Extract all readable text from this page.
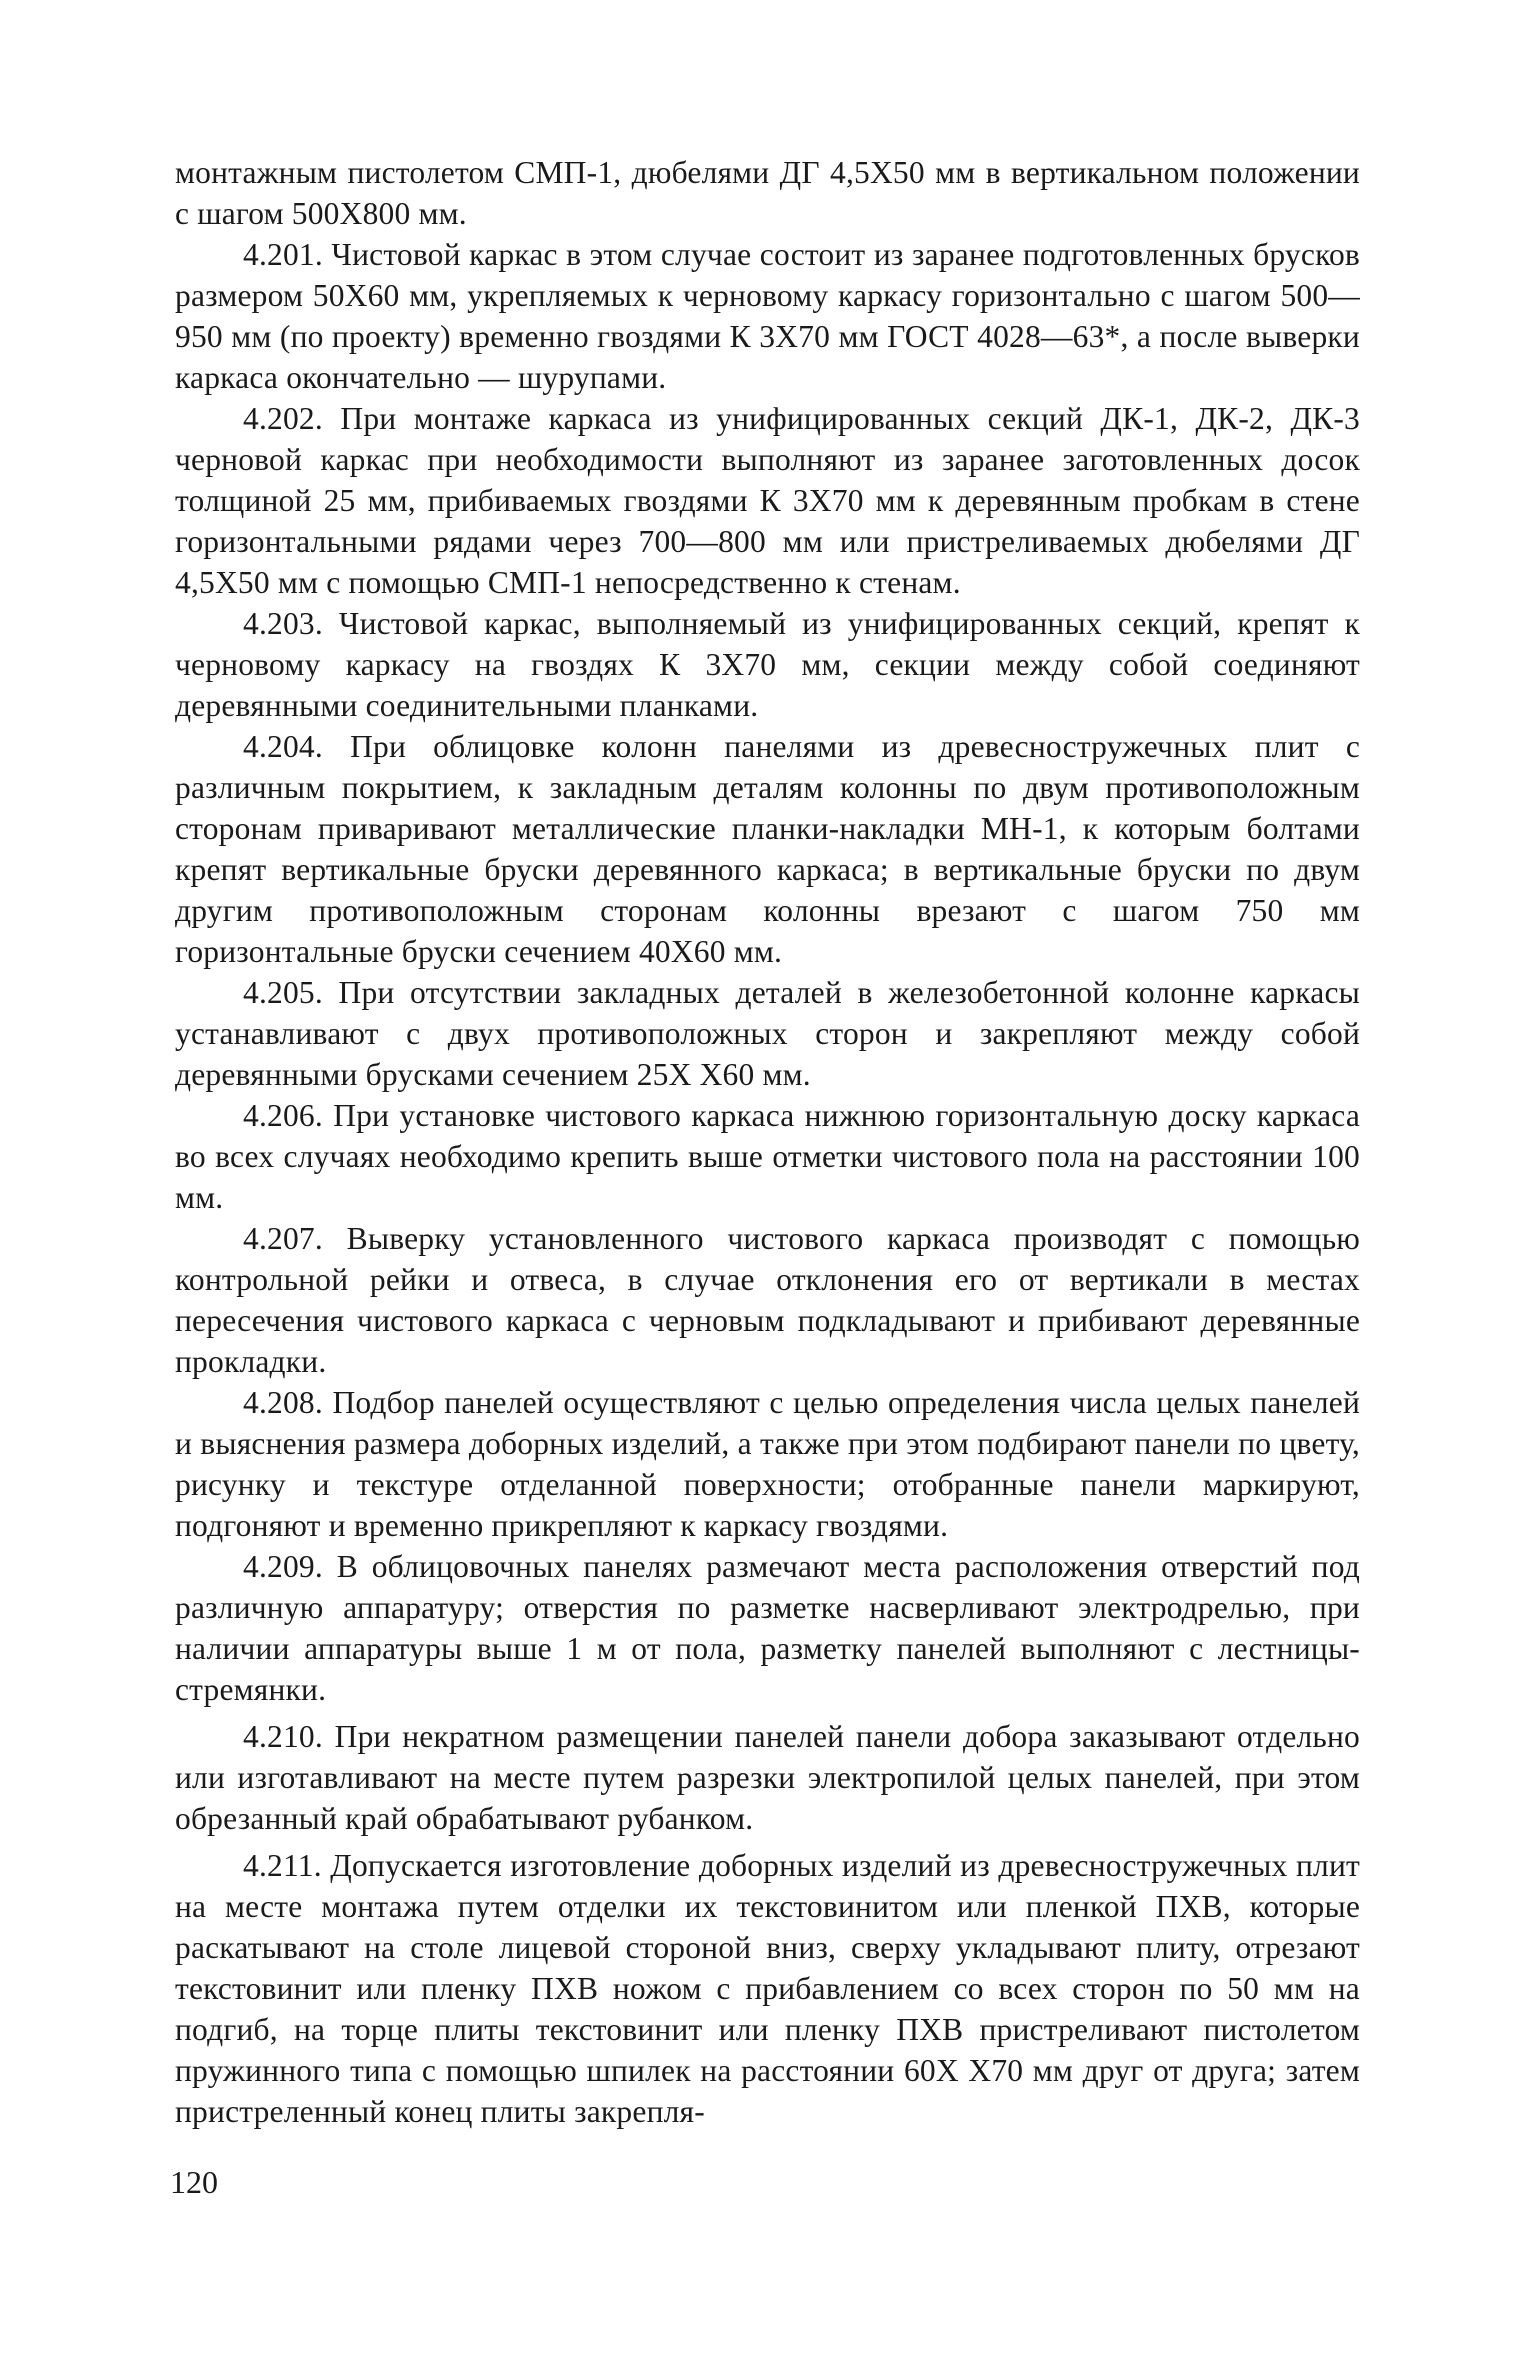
монтажным пистолетом СМП-1, дюбелями ДГ 4,5Х50 мм в вертикальном положении с шагом 500Х800 мм.

4.201. Чистовой каркас в этом случае состоит из заранее подготовленных брусков размером 50Х60 мм, укрепляемых к черновому каркасу горизонтально с шагом 500—950 мм (по проекту) временно гвоздями К 3Х70 мм ГОСТ 4028—63*, а после выверки каркаса окончательно — шурупами.

4.202. При монтаже каркаса из унифицированных секций ДК-1, ДК-2, ДК-3 черновой каркас при необходимости выполняют из заранее заготовленных досок толщиной 25 мм, прибиваемых гвоздями К 3Х70 мм к деревянным пробкам в стене горизонтальными рядами через 700—800 мм или пристреливаемых дюбелями ДГ 4,5Х50 мм с помощью СМП-1 непосредственно к стенам.

4.203. Чистовой каркас, выполняемый из унифицированных секций, крепят к черновому каркасу на гвоздях К 3Х70 мм, секции между собой соединяют деревянными соединительными планками.

4.204. При облицовке колонн панелями из древесностружечных плит с различным покрытием, к закладным деталям колонны по двум противоположным сторонам приваривают металлические планки-накладки МН-1, к которым болтами крепят вертикальные бруски деревянного каркаса; в вертикальные бруски по двум другим противоположным сторонам колонны врезают с шагом 750 мм горизонтальные бруски сечением 40Х60 мм.

4.205. При отсутствии закладных деталей в железобетонной колонне каркасы устанавливают с двух противоположных сторон и закрепляют между собой деревянными брусками сечением 25Х Х60 мм.

4.206. При установке чистового каркаса нижнюю горизонтальную доску каркаса во всех случаях необходимо крепить выше отметки чистового пола на расстоянии 100 мм.

4.207. Выверку установленного чистового каркаса производят с помощью контрольной рейки и отвеса, в случае отклонения его от вертикали в местах пересечения чистового каркаса с черновым подкладывают и прибивают деревянные прокладки.

4.208. Подбор панелей осуществляют с целью определения числа целых панелей и выяснения размера доборных изделий, а также при этом подбирают панели по цвету, рисунку и текстуре отделанной поверхности; отобранные панели маркируют, подгоняют и временно прикрепляют к каркасу гвоздями.

4.209. В облицовочных панелях размечают места расположения отверстий под различную аппаратуру; отверстия по разметке насверливают электродрелью, при наличии аппаратуры выше 1 м от пола, разметку панелей выполняют с лестницы-стремянки.

4.210. При некратном размещении панелей панели добора заказывают отдельно или изготавливают на месте путем разрезки электропилой целых панелей, при этом обрезанный край обрабатывают рубанком.

4.211. Допускается изготовление доборных изделий из древесностружечных плит на месте монтажа путем отделки их текстовинитом или пленкой ПХВ, которые раскатывают на столе лицевой стороной вниз, сверху укладывают плиту, отрезают текстовинит или пленку ПХВ ножом с прибавлением со всех сторон по 50 мм на подгиб, на торце плиты текстовинит или пленку ПХВ пристреливают пистолетом пружинного типа с помощью шпилек на расстоянии 60Х Х70 мм друг от друга; затем пристреленный конец плиты закрепля-

120
